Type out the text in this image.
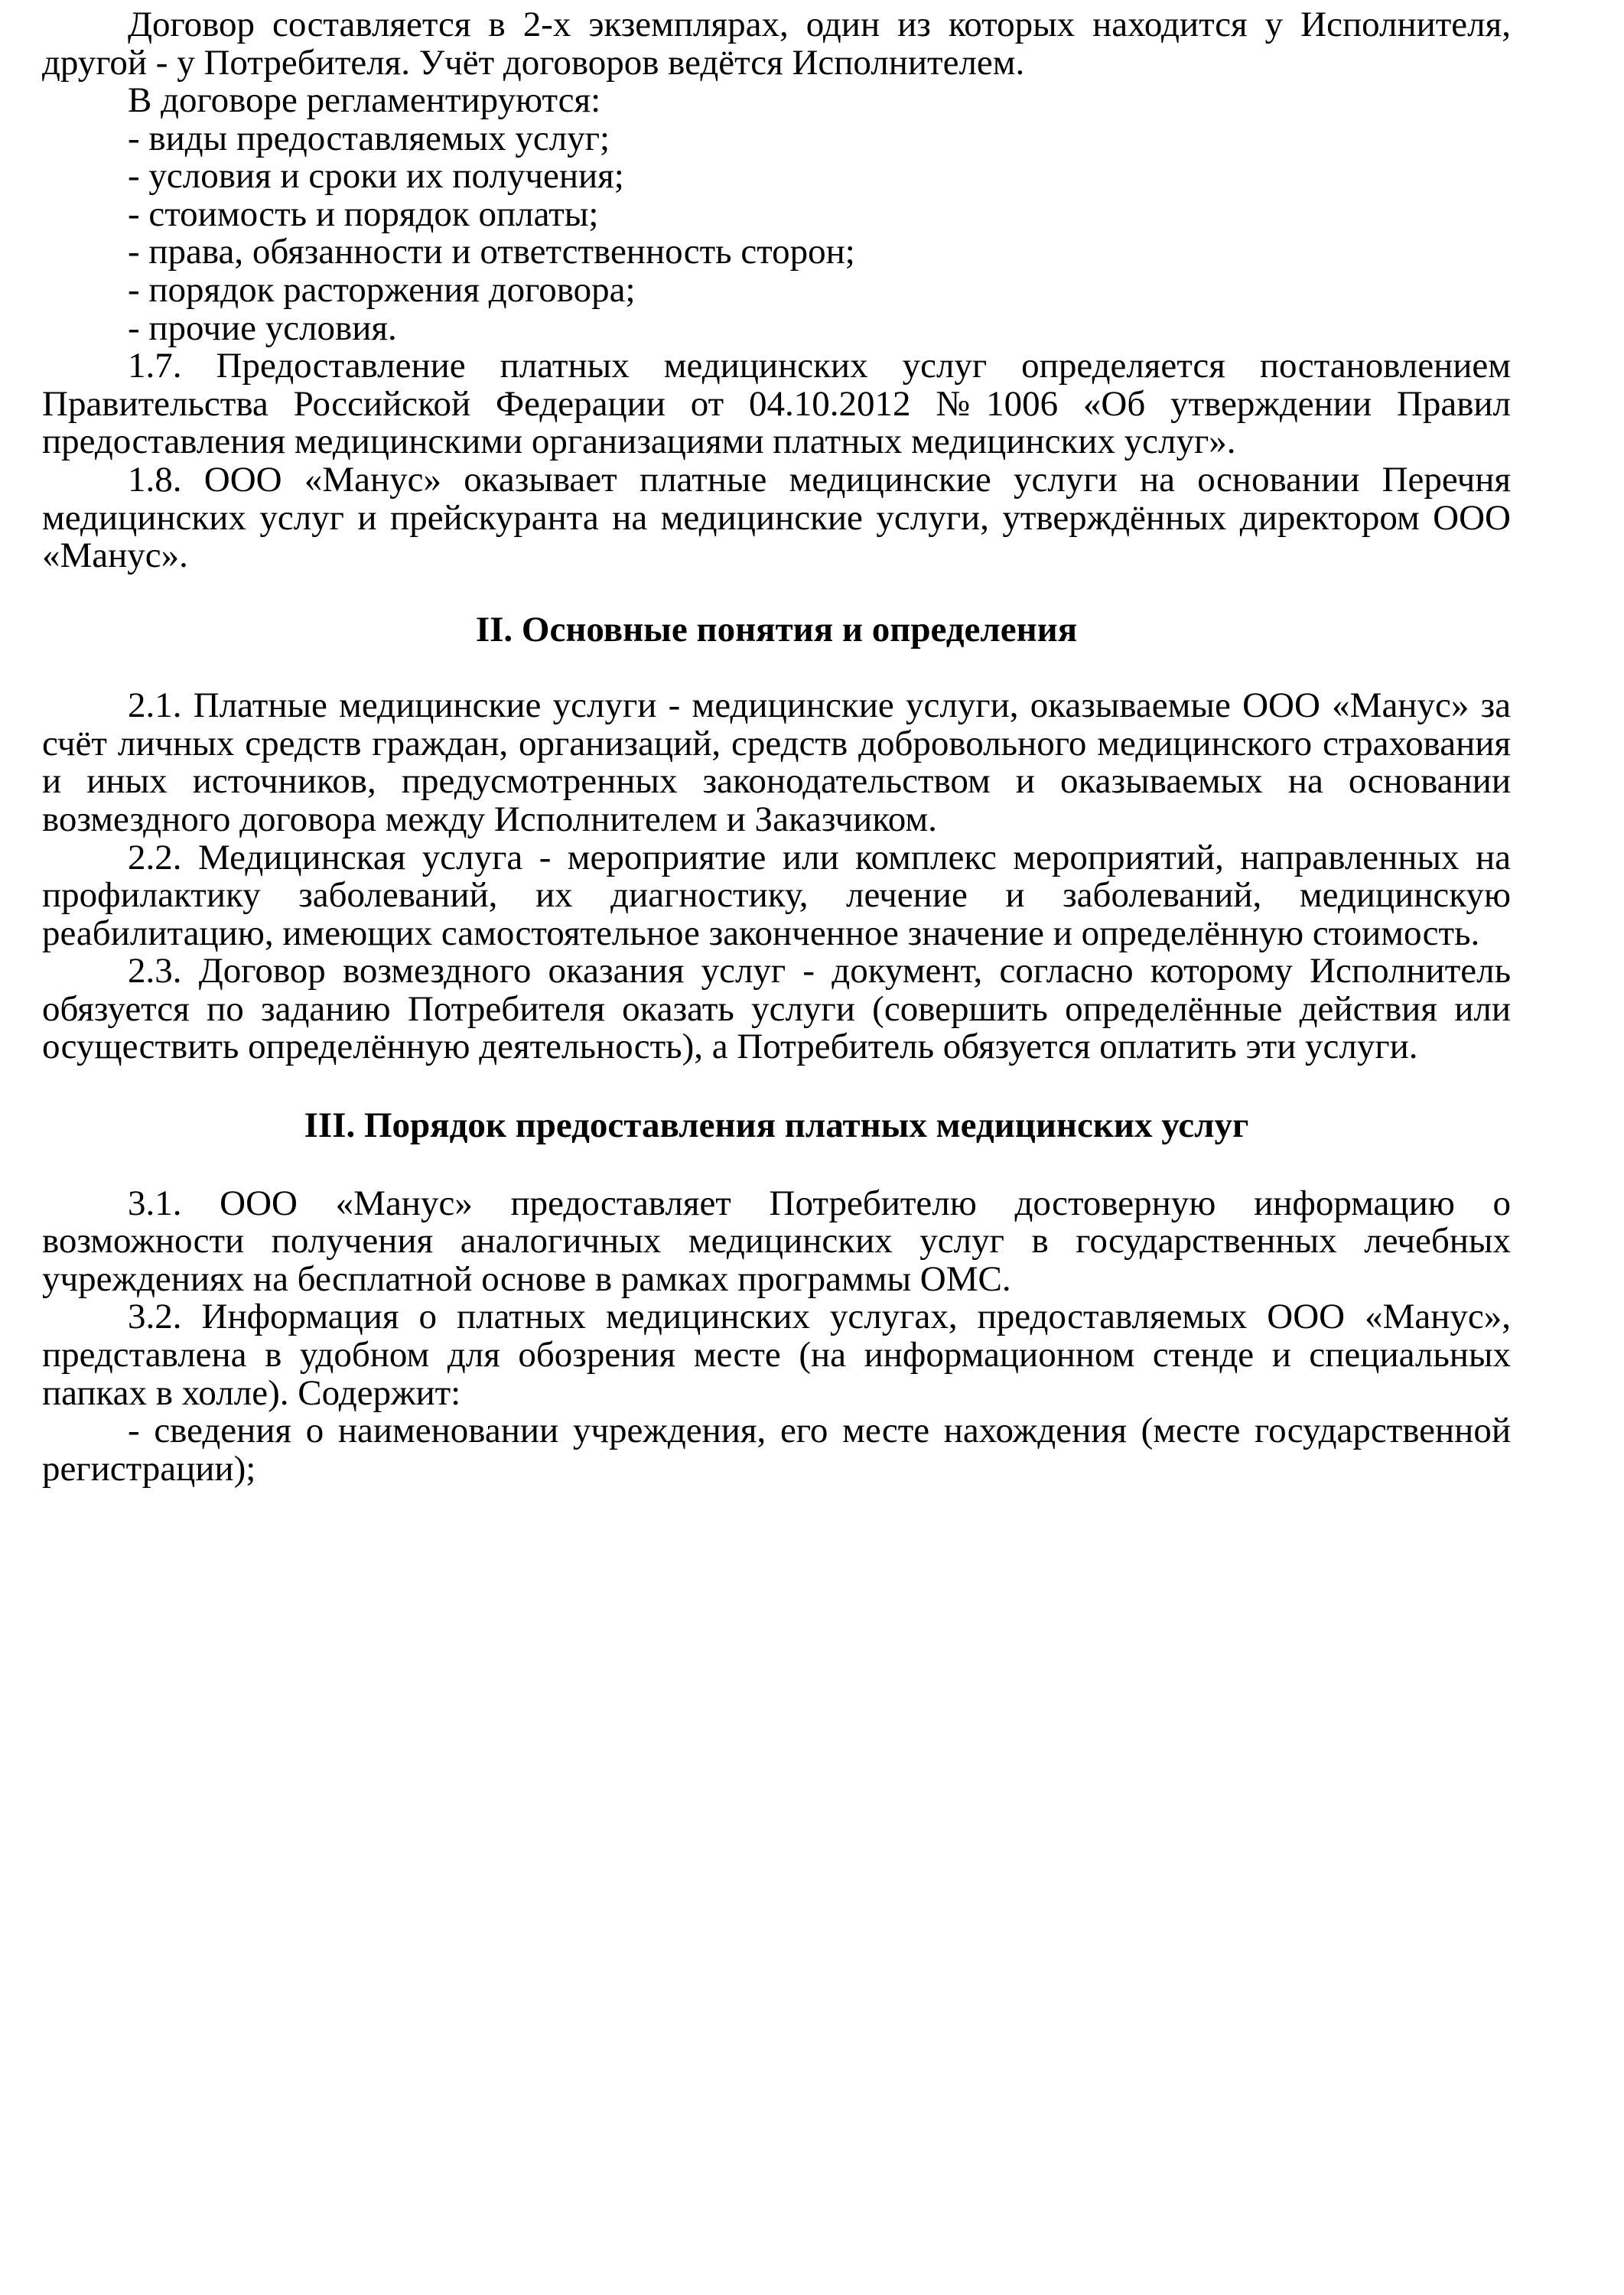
Договор составляется в 2-х экземплярах, один из которых находится у Исполнителя, другой - у Потребителя. Учёт договоров ведётся Исполнителем.

В договоре регламентируются:

- виды предоставляемых услуг;

- условия и сроки их получения;

- стоимость и порядок оплаты;

- права, обязанности и ответственность сторон;

- порядок расторжения договора;

- прочие условия.

1.7. Предоставление платных медицинских услуг определяется постановлением Правительства Российской Федерации от 04.10.2012 №1006 «Об утверждении Правил предоставления медицинскими организациями платных медицинских услуг».

1.8. ООО «Манус» оказывает платные медицинские услуги на основании Перечня медицинских услуг и прейскуранта на медицинские услуги, утверждённых директором ООО «Манус».

II. Основные понятия и определения

2.1. Платные медицинские услуги - медицинские услуги, оказываемые ООО «Манус» за счёт личных средств граждан, организаций, средств добровольного медицинского страхования и иных источников, предусмотренных законодательством и оказываемых на основании возмездного договора между Исполнителем и Заказчиком.

2.2. Медицинская услуга - мероприятие или комплекс мероприятий, направленных на профилактику заболеваний, их диагностику, лечение и заболеваний, медицинскую реабилитацию, имеющих самостоятельное законченное значение и определённую стоимость.

2.3. Договор возмездного оказания услуг - документ, согласно которому Исполнитель обязуется по заданию Потребителя оказать услуги (совершить определённые действия или осуществить определённую деятельность), а Потребитель обязуется оплатить эти услуги.

III. Порядок предоставления платных медицинских услуг

3.1. ООО «Манус» предоставляет Потребителю достоверную информацию о возможности получения аналогичных медицинских услуг в государственных лечебных учреждениях на бесплатной основе в рамках программы ОМС.

3.2. Информация о платных медицинских услугах, предоставляемых ООО «Манус», представлена в удобном для обозрения месте (на информационном стенде и специальных папках в холле). Содержит:

- сведения о наименовании учреждения, его месте нахождения (месте государственной регистрации);
